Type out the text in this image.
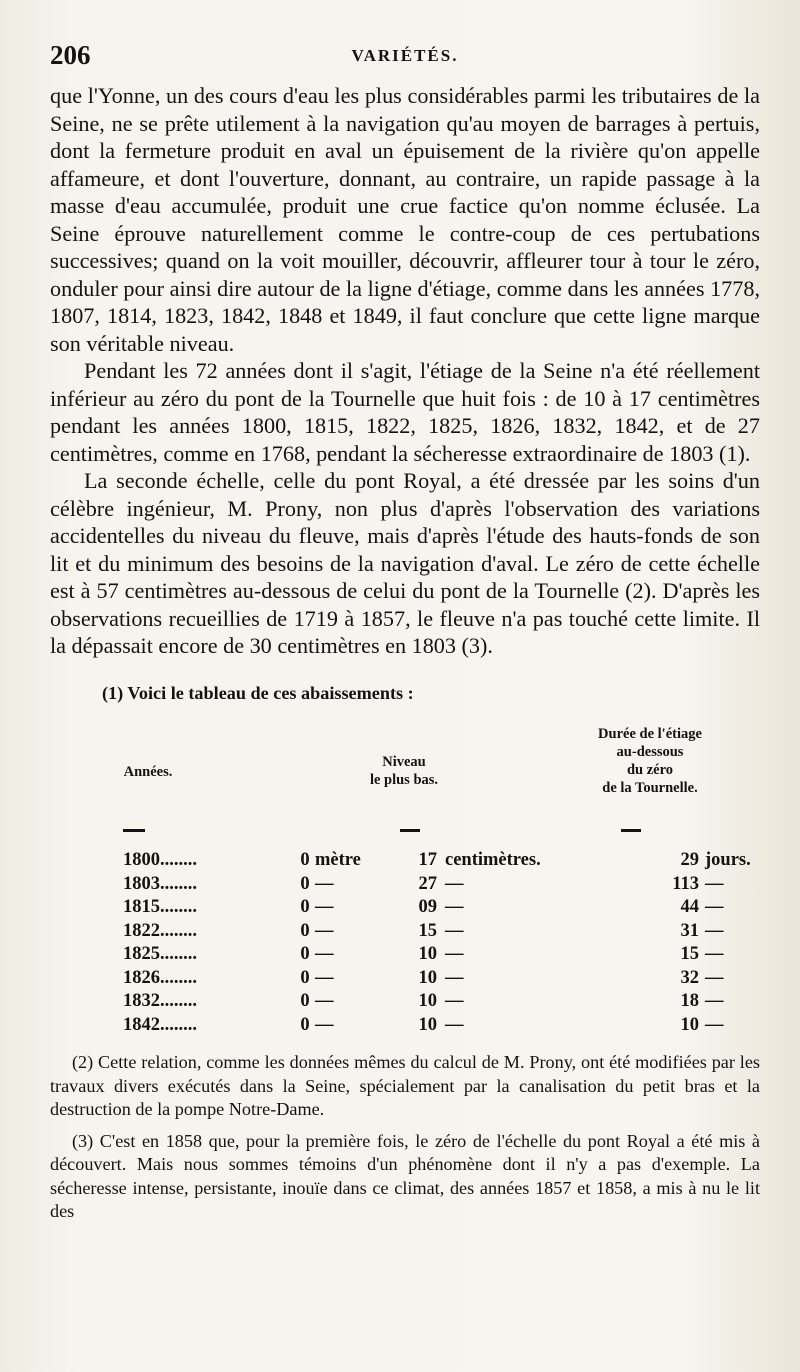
206	VARIÉTÉS.

que l'Yonne, un des cours d'eau les plus considérables parmi les tributaires de la Seine, ne se prête utilement à la navigation qu'au moyen de barrages à pertuis, dont la fermeture produit en aval un épuisement de la rivière qu'on appelle affameure, et dont l'ouverture, donnant, au contraire, un rapide passage à la masse d'eau accumulée, produit une crue factice qu'on nomme éclusée. La Seine éprouve naturellement comme le contre-coup de ces pertubations successives; quand on la voit mouiller, découvrir, affleurer tour à tour le zéro, onduler pour ainsi dire autour de la ligne d'étiage, comme dans les années 1778, 1807, 1814, 1823, 1842, 1848 et 1849, il faut conclure que cette ligne marque son véritable niveau.

Pendant les 72 années dont il s'agit, l'étiage de la Seine n'a été réellement inférieur au zéro du pont de la Tournelle que huit fois : de 10 à 17 centimètres pendant les années 1800, 1815, 1822, 1825, 1826, 1832, 1842, et de 27 centimètres, comme en 1768, pendant la sécheresse extraordinaire de 1803 (1).

La seconde échelle, celle du pont Royal, a été dressée par les soins d'un célèbre ingénieur, M. Prony, non plus d'après l'observation des variations accidentelles du niveau du fleuve, mais d'après l'étude des hauts-fonds de son lit et du minimum des besoins de la navigation d'aval. Le zéro de cette échelle est à 57 centimètres au-dessous de celui du pont de la Tournelle (2). D'après les observations recueillies de 1719 à 1857, le fleuve n'a pas touché cette limite. Il la dépassait encore de 30 centimètres en 1803 (3).

(1) Voici le tableau de ces abaissements :

Années.
Niveau
le plus bas.
Durée de l'étiage
au-dessous
du zéro
de la Tournelle.
1800........	0 mètre	17 centimètres.	29 jours.
1803........	0 —	27 —	113 —
1815........	0 —	09 —	44 —
1822........	0 —	15 —	31 —
1825........	0 —	10 —	15 —
1826........	0 —	10 —	32 —
1832........	0 —	10 —	18 —
1842........	0 —	10 —	10 —

(2) Cette relation, comme les données mêmes du calcul de M. Prony, ont été modifiées par les travaux divers exécutés dans la Seine, spécialement par la canalisation du petit bras et la destruction de la pompe Notre-Dame.

(3) C'est en 1858 que, pour la première fois, le zéro de l'échelle du pont Royal a été mis à découvert. Mais nous sommes témoins d'un phénomène dont il n'y a pas d'exemple. La sécheresse intense, persistante, inouïe dans ce climat, des années 1857 et 1858, a mis à nu le lit des
